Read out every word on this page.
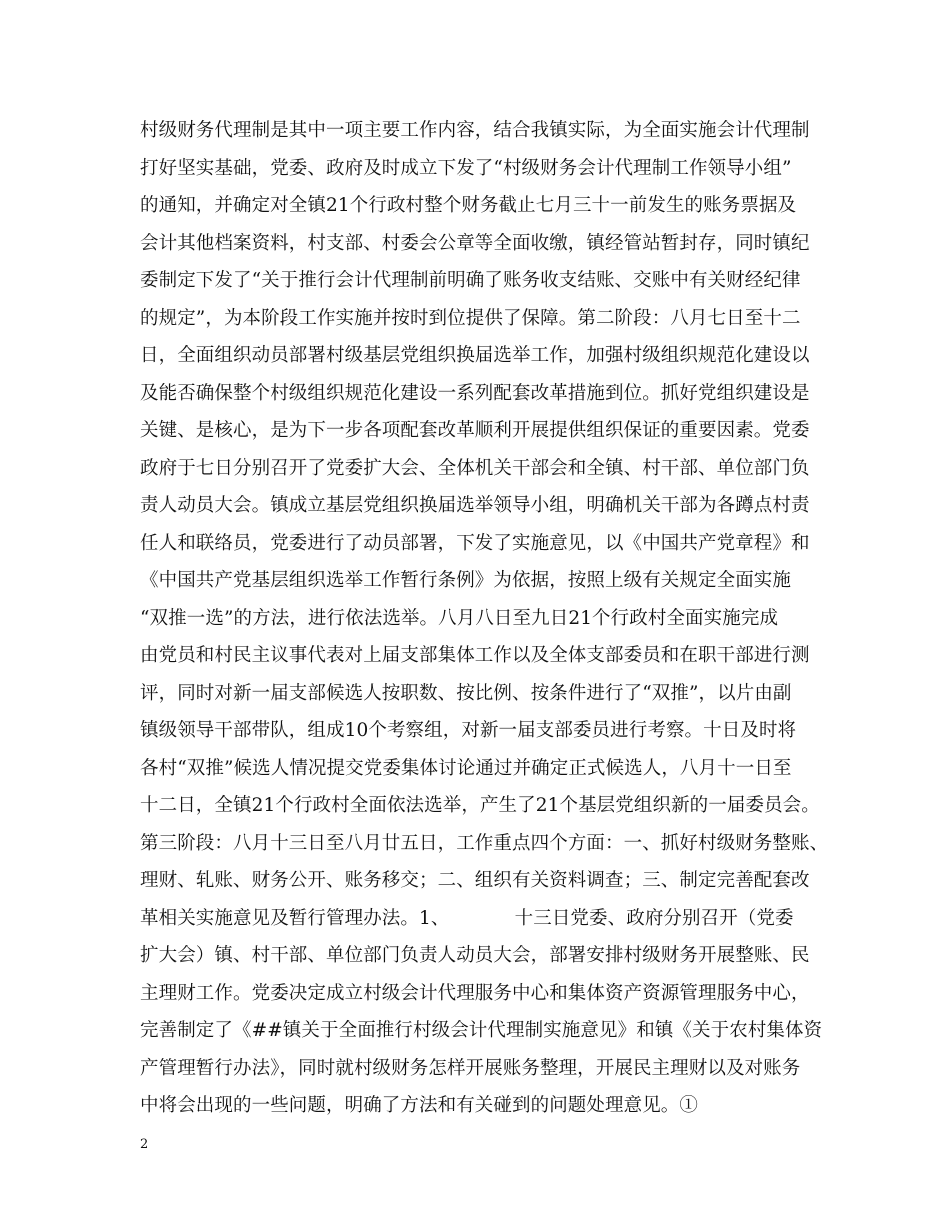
村级财务代理制是其中一项主要工作内容，结合我镇实际，为全面实施会计代理制
打好坚实基础，党委、政府及时成立下发了“村级财务会计代理制工作领导小组”
的通知，并确定对全镇21个行政村整个财务截止七月三十一前发生的账务票据及
会计其他档案资料，村支部、村委会公章等全面收缴，镇经管站暂封存，同时镇纪
委制定下发了“关于推行会计代理制前明确了账务收支结账、交账中有关财经纪律
的规定”，为本阶段工作实施并按时到位提供了保障。第二阶段：八月七日至十二
日，全面组织动员部署村级基层党组织换届选举工作，加强村级组织规范化建设以
及能否确保整个村级组织规范化建设一系列配套改革措施到位。抓好党组织建设是
关键、是核心，是为下一步各项配套改革顺利开展提供组织保证的重要因素。党委
政府于七日分别召开了党委扩大会、全体机关干部会和全镇、村干部、单位部门负
责人动员大会。镇成立基层党组织换届选举领导小组，明确机关干部为各蹲点村责
任人和联络员，党委进行了动员部署，下发了实施意见，以《中国共产党章程》和
《中国共产党基层组织选举工作暂行条例》为依据，按照上级有关规定全面实施
“双推一选”的方法，进行依法选举。八月八日至九日21个行政村全面实施完成
由党员和村民主议事代表对上届支部集体工作以及全体支部委员和在职干部进行测
评，同时对新一届支部候选人按职数、按比例、按条件进行了“双推”，以片由副
镇级领导干部带队，组成10个考察组，对新一届支部委员进行考察。十日及时将
各村“双推”候选人情况提交党委集体讨论通过并确定正式候选人，八月十一日至
十二日，全镇21个行政村全面依法选举，产生了21个基层党组织新的一届委员会。
第三阶段：八月十三日至八月廿五日，工作重点四个方面：一、抓好村级财务整账、
理财、轧账、财务公开、账务移交；二、组织有关资料调查；三、制定完善配套改
革相关实施意见及暂行管理办法。1、　　　　十三日党委、政府分别召开（党委
扩大会）镇、村干部、单位部门负责人动员大会，部署安排村级财务开展整账、民
主理财工作。党委决定成立村级会计代理服务中心和集体资产资源管理服务中心，
完善制定了《##镇关于全面推行村级会计代理制实施意见》和镇《关于农村集体资
产管理暂行办法》，同时就村级财务怎样开展账务整理，开展民主理财以及对账务
中将会出现的一些问题，明确了方法和有关碰到的问题处理意见。①
2
